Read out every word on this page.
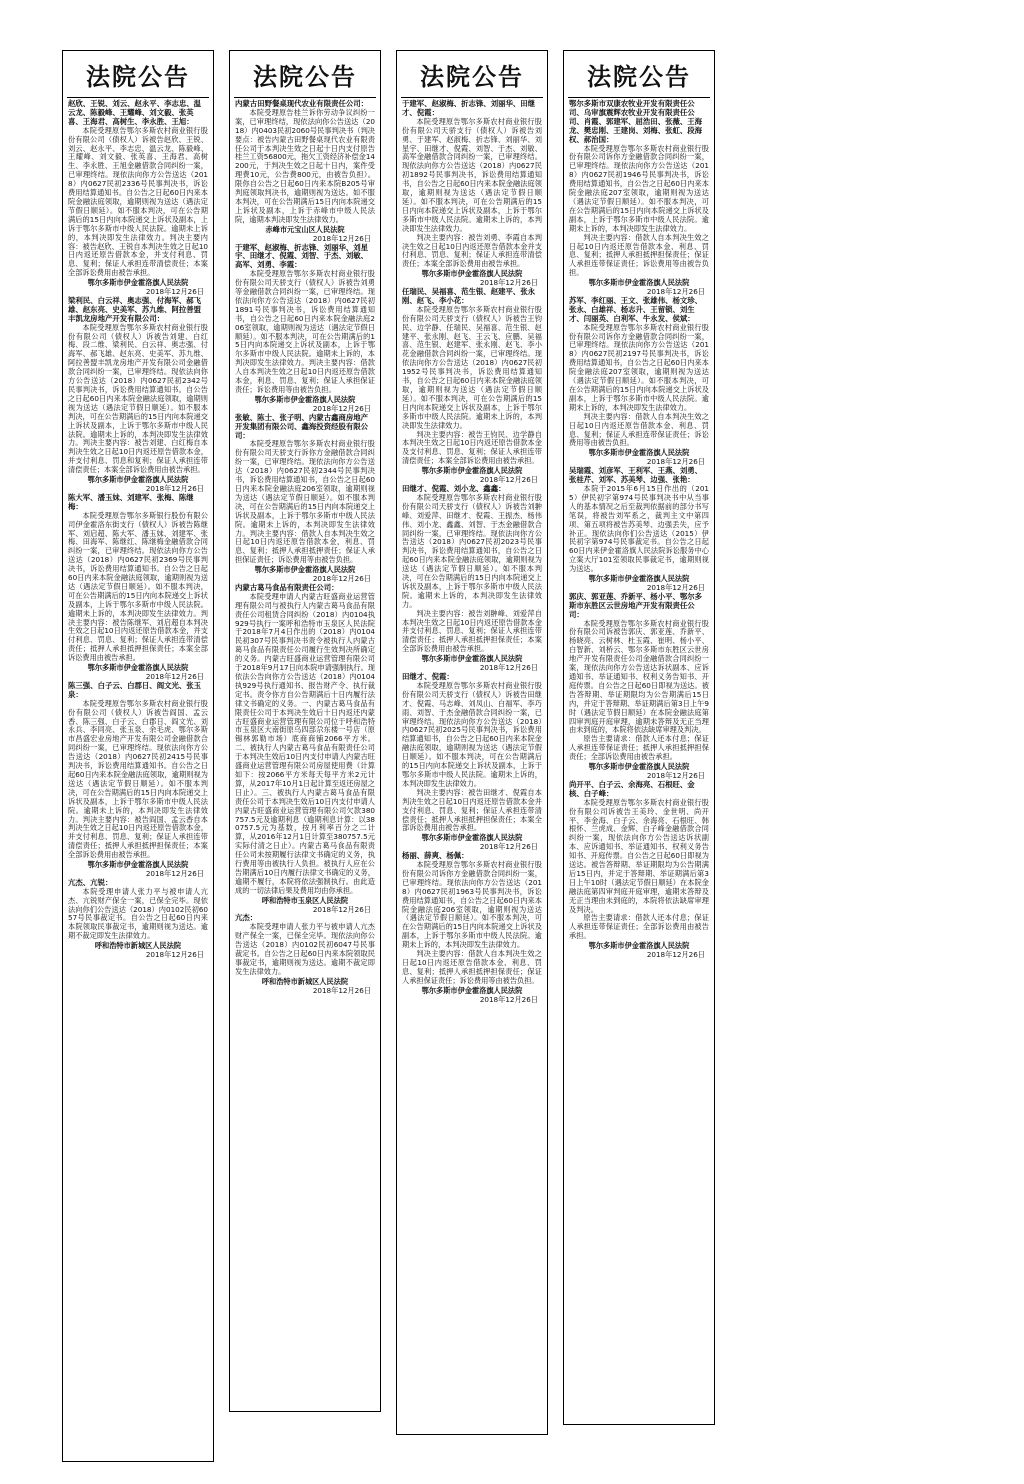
法院公告
赵欣、王锐、刘云、赵永平、李志忠、温云龙、陈毅峰、王耀峰、刘文毅、张英喜、王海君、高树生、李永胜、王旭：
本院受理原告鄂尔多斯农村商业银行股份有限公司（债权人）诉被告赵欣、王锐、刘云、赵永平、李志忠、温云龙、陈毅峰、王耀峰、刘文毅、张英喜、王海君、高树生、李永胜、王旭金融借款合同纠纷一案，已审理终结。现依法向你方公告送达（2018）内0627民初2336号民事判决书，诉讼费用结算通知书。自公告之日起60日内来本院金融法庭领取，逾期则视为送达（遇法定节假日顺延）。如不服本判决，可在公告期满后的15日内向本院递交上诉状及副本，上诉于鄂尔多斯市中级人民法院。逾期未上诉的，本判决即发生法律效力。判决主要内容：被告赵欣、王锐自本判决生效之日起10日内返还原告借款本金，并支付利息、罚息、复利；保证人承担连带清偿责任；本案全部诉讼费用由被告承担。
鄂尔多斯市伊金霍洛旗人民法院
2018年12月26日
梁利民、白云祥、奥志强、付海军、郝飞雄、赵东亮、史美军、苏九维、阿拉善盟丰凯龙房地产开发有限公司：
本院受理原告鄂尔多斯农村商业银行股份有限公司（债权人）诉被告刘建、白红梅、段二维、梁利民、白云祥、奥志强、付海军、郝飞雄、赵东亮、史美军、苏九维、阿拉善盟丰凯龙房地产开发有限公司金融借款合同纠纷一案，已审理终结。现依法向你方公告送达（2018）内0627民初2342号民事判决书，诉讼费用结算通知书。自公告之日起60日内来本院金融法庭领取，逾期则视为送达（遇法定节假日顺延）。如不服本判决，可在公告期满后的15日内向本院递交上诉状及副本，上诉于鄂尔多斯市中级人民法院。逾期未上诉的，本判决即发生法律效力。判决主要内容：被告刘建、白红梅自本判决生效之日起10日内返还原告借款本金，并支付利息、罚息和复利；保证人承担连带清偿责任；本案全部诉讼费用由被告承担。
鄂尔多斯市伊金霍洛旗人民法院
2018年12月26日
陈大军、潘玉妹、刘建军、张梅、陈继梅：
本院受理原告鄂尔多斯银行股份有限公司伊金霍洛东街支行（债权人）诉被告陈继军、刘启超、陈大军、潘玉妹、刘建军、张梅、田海军、陈继红、陈继梅金融借款合同纠纷一案，已审理终结。现依法向你方公告送达（2018）内0627民初2369号民事判决书，诉讼费用结算通知书。自公告之日起60日内来本院金融法庭领取，逾期则视为送达（遇法定节假日顺延）。如不服本判决，可在公告期满后的15日内向本院递交上诉状及副本，上诉于鄂尔多斯市中级人民法院。逾期未上诉的，本判决即发生法律效力。判决主要内容：被告陈继军、刘启超自本判决生效之日起10日内返还原告借款本金，并支付利息、罚息、复利；保证人承担连带清偿责任；抵押人承担抵押担保责任；本案全部诉讼费用由被告承担。
鄂尔多斯市伊金霍洛旗人民法院
2018年12月26日
陈三强、白子云、白郡日、阎文光、张玉泉：
本院受理原告鄂尔多斯农村商业银行股份有限公司（债权人）诉被告阎国、孟云香、陈三强、白子云、白郡日、阎文光、刘永兵、李同亮、张玉泉、余毛虎、鄂尔多斯市昌盛宏业房地产开发有限公司金融借款合同纠纷一案，已审理终结。现依法向你方公告送达（2018）内0627民初2415号民事判决书，诉讼费用结算通知书。自公告之日起60日内来本院金融法庭领取，逾期则视为送达（遇法定节假日顺延）。如不服本判决，可在公告期满后的15日内向本院递交上诉状及副本，上诉于鄂尔多斯市中级人民法院。逾期未上诉的，本判决即发生法律效力。判决主要内容：被告阎国、孟云香自本判决生效之日起10日内返还原告借款本金，并支付利息、罚息、复利；保证人承担连带清偿责任；抵押人承担抵押担保责任；本案全部诉讼费用由被告承担。
鄂尔多斯市伊金霍洛旗人民法院
2018年12月26日
亢杰、亢锐：
本院受理申请人张力平与被申请人亢杰、亢锐财产保全一案，已保全完毕。现依法向你们公告送达（2018）内0102民初6057号民事裁定书。自公告之日起60日内来本院领取民事裁定书，逾期则视为送达。逾期不裁定即发生法律效力。
呼和浩特市新城区人民法院
2018年12月26日
法院公告
内蒙古田野餐桌现代农业有限责任公司：
本院受理原告桂兰诉你劳动争议纠纷一案，已审理终结，现依法向你公告送达（2018）内0403民初2060号民事判决书（判决要点：被告内蒙古田野餐桌现代农业有限责任公司于本判决生效之日起十日内支付原告桂兰工资56800元，拖欠工资经济补偿金14200元，于判决生效之日起十日内，案件受理费10元，公告费800元，由被告负担）。限你自公告之日起60日内来本院B205号审判庭领取判决书，逾期则视为送达。如不服本判决，可在公告期满后15日内向本院递交上诉状及副本，上诉于赤峰市中级人民法院，逾期本判决即发生法律效力。
赤峰市元宝山区人民法院
2018年12月26日
于建军、赵淑梅、折志锋、刘丽华、刘星宇、田继才、倪霞、刘智、于杰、刘敏、高军、刘勇、李霞：
本院受理原告鄂尔多斯农村商业银行股份有限公司天骄支行（债权人）诉被告刘勇等金融借款合同纠纷一案，已审理终结。现依法向你方公告送达（2018）内0627民初1891号民事判决书，诉讼费用结算通知书，自公告之日起60日内来本院金融法庭206室领取，逾期则视为送达（遇法定节假日顺延）。如不服本判决，可在公告期满后的15日内向本院递交上诉状及副本，上诉于鄂尔多斯市中级人民法院。逾期未上诉的，本判决即发生法律效力。判决主要内容：借款人自本判决生效之日起10日内返还原告借款本金，利息、罚息、复利；保证人承担保证责任；诉讼费用等由被告负担。
鄂尔多斯市伊金霍洛旗人民法院
2018年12月26日
张敏、陈士、张子明、内蒙古鑫商房地产开发集团有限公司、鑫海投资经股有限公司：
本院受理原告鄂尔多斯农村商业银行股份有限公司天骄支行诉你方金融借款合同纠纷一案，已审理终结。现依法向你方公告送达（2018）内0627民初2344号民事判决书，诉讼费用结算通知书，自公告之日起60日内来本院金融法庭206室领取，逾期则视为送达（遇法定节假日顺延）。如不服本判决，可在公告期满后的15日内向本院递交上诉状及副本，上诉于鄂尔多斯市中级人民法院。逾期未上诉的，本判决即发生法律效力。判决主要内容：借款人自本判决生效之日起10日内返还原告借款本金，利息、罚息、复利；抵押人承担抵押责任；保证人承担保证责任；诉讼费用等由被告负担。
鄂尔多斯市伊金霍洛旗人民法院
2018年12月26日
内蒙古葛马食品有限责任公司：
本院受理申请人内蒙古旺盛商业运营管理有限公司与被执行人内蒙古葛马食品有限责任公司租赁合同纠纷（2018）内0104执929号执行一案呼和浩特市玉泉区人民法院于2018年7月4日作出的（2018）内0104民初307号民事判决书责令被执行人内蒙古葛马食品有限责任公司履行生效判决所确定的义务。内蒙古旺盛商业运营管理有限公司于2018年9月17日向本院申请强制执行。现依法公告向你方公告送达（2018）内0104执929号执行通知书、报告财产令、执行裁定书。责令你方自公告期满后十日内履行法律文书确定的义务。一、内蒙古葛马食品有限责任公司于本判决生效后十日内返还内蒙古旺盛商业运营管理有限公司位于呼和浩特市玉泉区大南街原乌四部尕东楼一号店（原锡林郭勒市场）底商商铺2066平方米。二、被执行人内蒙古葛马食品有限责任公司于本判决生效后10日内支付申请人内蒙古旺盛商业运营管理有限公司房屋使用费（计算如下：按2066平方米每天每平方米2元计算，从2017年10月1日起计算至返还房屋之日止）。三、被执行人内蒙古葛马食品有限责任公司于本判决生效后10日内支付申请人内蒙古旺盛商业运营管理有限公司欠款380757.5元及逾期利息（逾期利息计算：以380757.5元为基数，按月利率百分之二计算，从2016年12月1日计算至380757.5元实际付清之日止）。内蒙古葛马食品有限责任公司未按期履行法律文书确定的义务，执行费用等由被执行人负担。被执行人应在公告期满后10日内履行法律文书确定的义务，逾期不履行，本院将依法强制执行。由此造成的一切法律后果及费用均由你承担。
呼和浩特市玉泉区人民法院
2018年12月26日
亢杰：
本院受理申请人张力平与被申请人亢杰财产保全一案，已保全完毕。现依法向你公告送达（2018）内0102民初6047号民事裁定书。自公告之日起60日内来本院领取民事裁定书，逾期则视为送达。逾期不裁定即发生法律效力。
呼和浩特市新城区人民法院
2018年12月26日
法院公告
于建军、赵淑梅、折志锋、刘丽华、田继才、倪霞：
本院受理原告鄂尔多斯农村商业银行股份有限公司天骄支行（债权人）诉被告刘勇、于建军、赵淑梅、折志锋、刘丽华、刘星宇、田继才、倪霞、刘智、于杰、刘敏、高军金融借款合同纠纷一案，已审理终结。现依法向你方公告送达（2018）内0627民初1892号民事判决书，诉讼费用结算通知书，自公告之日起60日内来本院金融法庭领取，逾期则视为送达（遇法定节假日顺延）。如不服本判决，可在公告期满后的15日内向本院递交上诉状及副本，上诉于鄂尔多斯市中级人民法院。逾期未上诉的，本判决即发生法律效力。
判决主要内容：被告刘勇、李霞自本判决生效之日起10日内返还原告借款本金并支付利息、罚息、复利；保证人承担连带清偿责任；本案全部诉讼费用由被告承担。
鄂尔多斯市伊金霍洛旗人民法院
2018年12月26日
任瑞民、吴福喜、范生银、赵建平、张永刚、赵飞、李小花：
本院受理原告鄂尔多斯农村商业银行股份有限公司天骄支行（债权人）诉被告王钧民、边学静、任瑞民、吴福喜、范生银、赵建平、张永刚、赵飞、王云飞、应鹏、吴福喜、范生银、赵建军、张永刚、赵飞、李小花金融借款合同纠纷一案，已审理终结。现依法向你方公告送达（2018）内0627民初1952号民事判决书，诉讼费用结算通知书，自公告之日起60日内来本院金融法庭领取，逾期则视为送达（遇法定节假日顺延）。如不服本判决，可在公告期满后的15日内向本院递交上诉状及副本，上诉于鄂尔多斯市中级人民法院。逾期未上诉的，本判决即发生法律效力。
判决主要内容：被告王钧民、边学静自本判决生效之日起10日内返还原告借款本金及支付利息、罚息、复利；保证人承担连带清偿责任；本案全部诉讼费用由被告承担。
鄂尔多斯市伊金霍洛旗人民法院
2018年12月26日
田继才、倪霞、刘小龙、鑫鑫：
本院受理原告鄂尔多斯农村商业银行股份有限公司天骄支行（债权人）诉被告刘翀峰、刘爱萍、田继才、倪霞、王振杰、杨伟伟、刘小龙、鑫鑫、刘智、于杰金融借款合同纠纷一案，已审理终结。现依法向你方公告送达（2018）内0627民初2023号民事判决书，诉讼费用结算通知书，自公告之日起60日内来本院金融法庭领取，逾期则视为送达（遇法定节假日顺延）。如不服本判决，可在公告期满后的15日内向本院递交上诉状及副本，上诉于鄂尔多斯市中级人民法院。逾期未上诉的，本判决即发生法律效力。
判决主要内容：被告刘翀峰、刘爱萍自本判决生效之日起10日内返还原告借款本金并支付利息、罚息、复利；保证人承担连带清偿责任；抵押人承担抵押担保责任；本案全部诉讼费用由被告承担。
鄂尔多斯市伊金霍洛旗人民法院
2018年12月26日
田继才、倪霞：
本院受理原告鄂尔多斯农村商业银行股份有限公司天骄支行（债权人）诉被告田继才、倪霞、马志峰、刘凤山、白福军、李巧雨、刘智、于杰金融借款合同纠纷一案，已审理终结。现依法向你方公告送达（2018）内0627民初2025号民事判决书，诉讼费用结算通知书，自公告之日起60日内来本院金融法庭领取，逾期则视为送达（遇法定节假日顺延）。如不服本判决，可在公告期满后的15日内向本院递交上诉状及副本，上诉于鄂尔多斯市中级人民法院。逾期未上诉的，本判决即发生法律效力。
判决主要内容：被告田继才、倪霞自本判决生效之日起10日内返还原告借款本金并支付利息、罚息、复利；保证人承担连带清偿责任；抵押人承担抵押担保责任；本案全部诉讼费用由被告承担。
鄂尔多斯市伊金霍洛旗人民法院
2018年12月26日
杨丽、薛爽、杨佩：
本院受理原告鄂尔多斯农村商业银行股份有限公司诉你方金融借款合同纠纷一案，已审理终结。现依法向你方公告送达（2018）内0627民初1963号民事判决书，诉讼费用结算通知书，自公告之日起60日内来本院金融法庭206室领取，逾期则视为送达（遇法定节假日顺延）。如不服本判决，可在公告期满后的15日内向本院递交上诉状及副本，上诉于鄂尔多斯市中级人民法院。逾期未上诉的，本判决即发生法律效力。
判决主要内容：借款人自本判决生效之日起10日内返还原告借款本金、利息、罚息、复利；抵押人承担抵押担保责任；保证人承担保证责任；诉讼费用等由被告负担。
鄂尔多斯市伊金霍洛旗人民法院
2018年12月26日
法院公告
鄂尔多斯市双康农牧业开发有限责任公司、乌审旗震辉农牧业开发有限责任公司、肖霞、郭建军、屈浩田、张薇、王海龙、樊忠刚、王建岗、刘梅、张虹、段海权、郝治国：
本院受理原告鄂尔多斯农村商业银行股份有限公司诉你方金融借款合同纠纷一案，已审理终结。现依法向你方公告送达（2018）内0627民初1946号民事判决书，诉讼费用结算通知书，自公告之日起60日内来本院金融法庭207室领取，逾期则视为送达（遇法定节假日顺延）。如不服本判决，可在公告期满后的15日内向本院递交上诉状及副本，上诉于鄂尔多斯市中级人民法院。逾期未上诉的，本判决即发生法律效力。
判决主要内容：借款人自本判决生效之日起10日内返还原告借款本金、利息、罚息、复利；抵押人承担抵押担保责任；保证人承担连带保证责任；诉讼费用等由被告负担。
鄂尔多斯市伊金霍洛旗人民法院
2018年12月26日
苏军、李红丽、王文、张雄伟、杨文珍、张永、白雄祥、杨志升、王留锁、刘生才、闫丽英、白利军、牛永发、侯斌：
本院受理原告鄂尔多斯农村商业银行股份有限公司诉你方金融借款合同纠纷一案，已审理终结。现依法向你方公告送达（2018）内0627民初2197号民事判决书，诉讼费用结算通知书，自公告之日起60日内来本院金融法庭207室领取，逾期则视为送达（遇法定节假日顺延）。如不服本判决，可在公告期满后的15日内向本院递交上诉状及副本，上诉于鄂尔多斯市中级人民法院。逾期未上诉的，本判决即发生法律效力。
判决主要内容：借款人自本判决生效之日起10日内返还原告借款本金、利息、罚息、复利；保证人承担连带保证责任；诉讼费用等由被告负担。
鄂尔多斯市伊金霍洛旗人民法院
2018年12月26日
吴瑞霞、刘彦军、王利军、王燕、刘勇、张桂芹、刘军、苏美琴、边强、张艳：
本院于2015年6月15日作出的（2015）伊民初字第974号民事判决书中从当事人的基本情况之后至裁判依据前的部分书写笔误，将被告刘军系之，裁判主文中第四项、第五项将被告苏美琴、边强丢失，应予补正。现依法向你们公告送达（2015）伊民初字第974号民事裁定书。自公告之日起60日内来伊金霍洛旗人民法院诉讼服务中心立案大厅101室领取民事裁定书，逾期则视为送达。
鄂尔多斯市伊金霍洛旗人民法院
2018年12月26日
郭庆、郭亚莲、乔新平、杨小平、鄂尔多斯市东胜区云世房地产开发有限责任公司：
本院受理原告鄂尔多斯农村商业银行股份有限公司诉被告郭庆、郭亚莲、乔新平、杨晓亮、云树林、杜玉霞、崔明、杨小平、白智新、刘桥云、鄂尔多斯市东胜区云世房地产开发有限责任公司金融借款合同纠纷一案，现依法向你方公告送达诉状副本、应诉通知书、举证通知书、权利义务告知书、开庭传票。自公告之日起60日即视为送达。被告答辩期、举证期限均为公告期满后15日内，并定于答辩期、举证期满后第3日上午9时（遇法定节假日顺延）在本院金融法庭第四审判庭开庭审理，逾期未答辩及无正当理由未到庭的，本院将依法缺席审理及判决。
原告主要请求：借款人还本付息；保证人承担连带保证责任；抵押人承担抵押担保责任；全部诉讼费用由被告承担。
鄂尔多斯市伊金霍洛旗人民法院
2018年12月26日
尚开平、白子云、余海亮、石根旺、金核、白子峰：
本院受理原告鄂尔多斯农村商业银行股份有限公司诉被告王美玲、金世明、尚开平、李金海、白子云、余海亮、石根旺、韩根怀、兰虎成、金辉、白子峰金融借款合同纠纷一案，现依法向你方公告送达诉状副本、应诉通知书、举证通知书、权利义务告知书、开庭传票。自公告之日起60日即视为送达。被告答辩期、举证期限均为公告期满后15日内，并定于答辩期、举证期满后第3日上午10时（遇法定节假日顺延）在本院金融法庭第四审判庭开庭审理，逾期未答辩及无正当理由未到庭的，本院将依法缺席审理及判决。
原告主要请求：借款人还本付息；保证人承担连带保证责任；全部诉讼费用由被告承担。
鄂尔多斯市伊金霍洛旗人民法院
2018年12月26日
